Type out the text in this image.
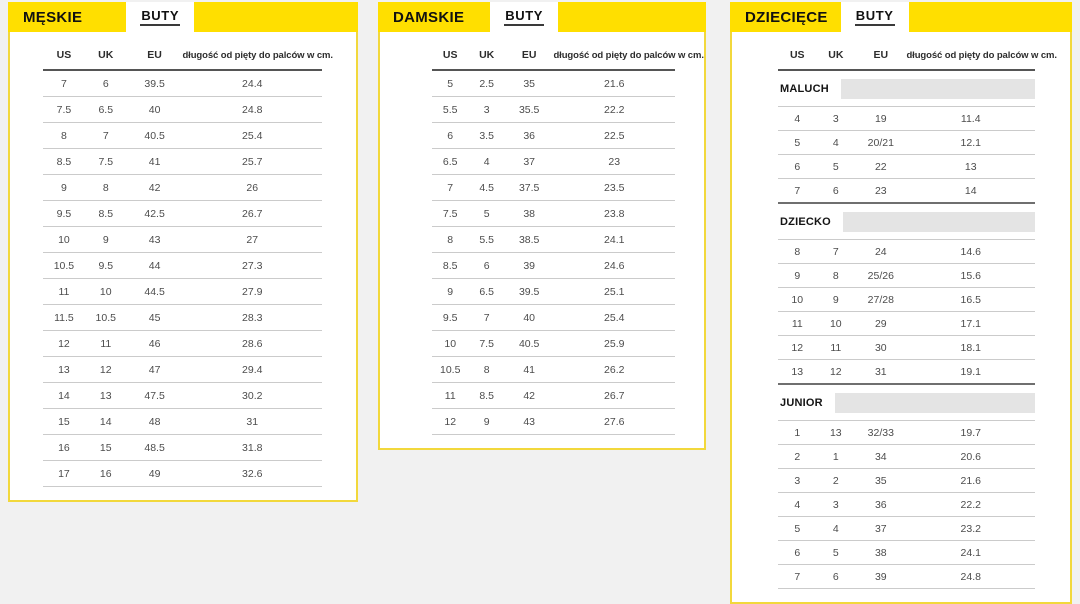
MĘSKIE	BUTY
US	UK	EU	długość od pięty do palców w cm.
7	6	39.5	24.4
7.5	6.5	40	24.8
8	7	40.5	25.4
8.5	7.5	41	25.7
9	8	42	26
9.5	8.5	42.5	26.7
10	9	43	27
10.5	9.5	44	27.3
11	10	44.5	27.9
11.5	10.5	45	28.3
12	11	46	28.6
13	12	47	29.4
14	13	47.5	30.2
15	14	48	31
16	15	48.5	31.8
17	16	49	32.6
DAMSKIE	BUTY
US	UK	EU	długość od pięty do palców w cm.
5	2.5	35	21.6
5.5	3	35.5	22.2
6	3.5	36	22.5
6.5	4	37	23
7	4.5	37.5	23.5
7.5	5	38	23.8
8	5.5	38.5	24.1
8.5	6	39	24.6
9	6.5	39.5	25.1
9.5	7	40	25.4
10	7.5	40.5	25.9
10.5	8	41	26.2
11	8.5	42	26.7
12	9	43	27.6
DZIECIĘCE BUTY
US	UK	EU	długość od pięty do palców w cm.

MALUCH			

4	3	19	11.4
5	4	20/21	12.1
6	5	22	13
7	6	23	14

DZIECKO			

8	7	24	14.6
9	8	25/26	15.6
10	9	27/28	16.5
11	10	29	17.1
12	11	30	18.1
13	12	31	19.1

JUNIOR			

1	13	32/33	19.7
2	1	34	20.6
3	2	35	21.6
4	3	36	22.2
5	4	37	23.2
6	5	38	24.1
7	6	39	24.8
